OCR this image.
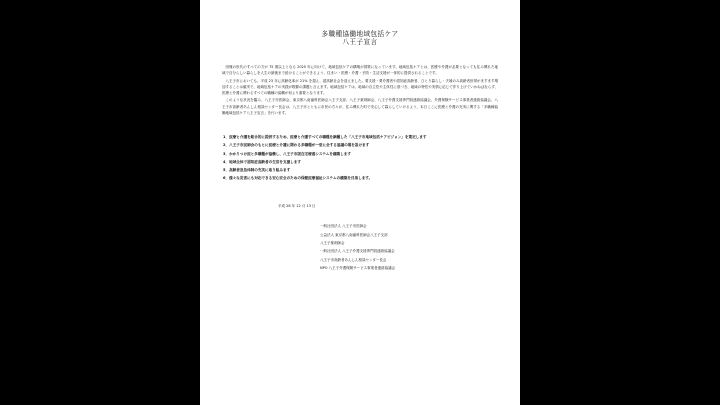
多職種協働地域包括ケア
八王子宣言

団塊の世代のすべての方が 75 歳以上となる 2025 年に向けて、地域包括ケアの構築が国策になっています。地域包括ケアとは、医療や介護が必要となっても住み慣れた地域で自分らしい暮らしを人生の最後まで続けることができるよう、住まい・医療・介護・予防・生活支援が一体的に提供されることです。

八王子市においても、平成 23 年に高齢化率が 21% を超え、超高齢社会を迎えました。要支援・要介護者や認知症高齢者、ひとり暮らし・夫婦のみ高齢者世帯がますます増加することは確実で、地域包括ケアの実践が喫緊の課題と言えます。地域包括ケアは、地域の自主性や主体性に基づき、地域の特性や実情に応じて作り上げていかねばならず、医療と介護に関わるすべての職種の協働が何より重要となります。

このような状況を鑑み、八王子市医師会、東京都八南歯科医師会八王子支部、八王子薬剤師会、八王子介護支援専門員連絡協議会、介護保険サービス事業者連絡協議会、八王子市高齢者あんしん相談センター長会は、八王子市とともに市民の方々が、住み慣れた町で安心して暮らしていけるよう、本日ここに医療と介護の充実に関する「多職種協働地域包括ケア八王子宣言」を行います。

1．医療と介護を総合的に提供するため、医療と介護すべての職種を網羅した「八王子市地域包括ケアビジョン」を策定します
2．八王子市医師会のもとに医療と介護に関わる多職種が一堂に会する協議の場を設けます
3．かかりつけ医と多職種が協働し、八王子市版在宅療養システムを構築します
4．地域全体で認知症高齢者の生活を支援します
5．高齢者急急体制の充実に取り組みます
6．様々な災害にも対応できる安心安全のための保健医療福祉システムの構築を目指します。
平成 26 年 12 月 13 日
一般社団法人 八王子市医師会
公益法人 東京都八南歯科医師会八王子支部
八王子薬剤師会
一般社団法人 八王子介護支援専門員連絡協議会
八王子市高齢者あんしん相談センター長会
NPO 八王子介護保険サービス事業者連絡協議会
